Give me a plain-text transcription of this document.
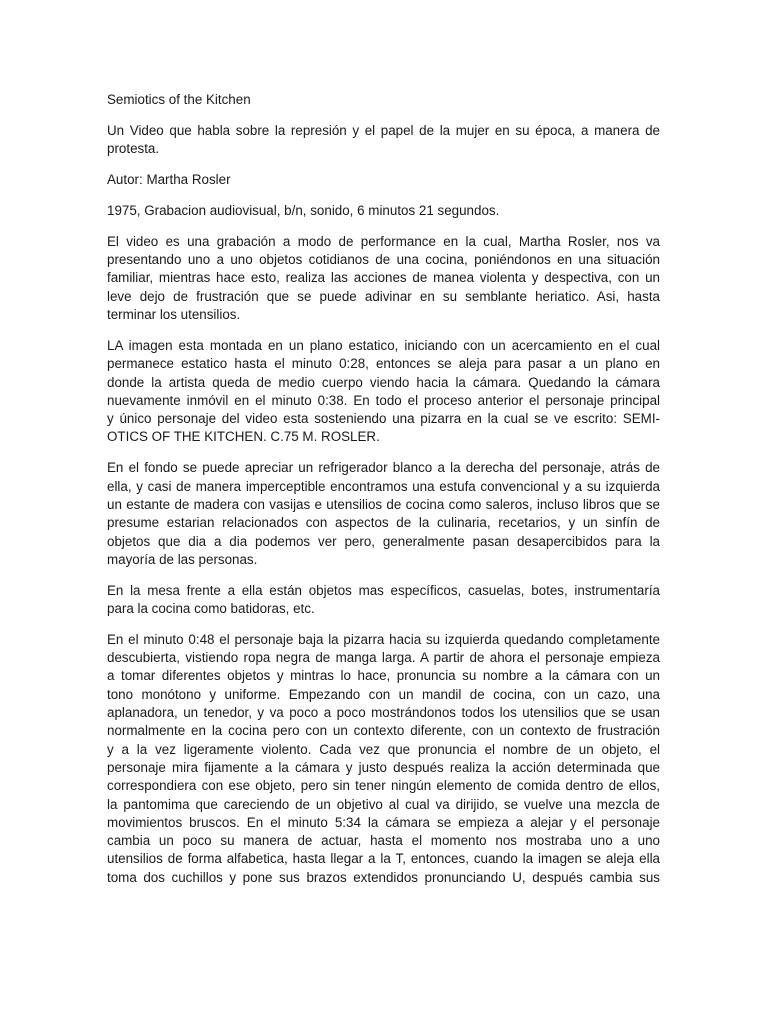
Semiotics of the Kitchen
Un Video que habla sobre la represión y el papel de la mujer en su época, a manera de
protesta.
Autor: Martha Rosler
1975, Grabacion audiovisual, b/n, sonido, 6 minutos 21 segundos.
El video es una grabación a modo de performance en la cual, Martha Rosler, nos va
presentando uno a uno objetos cotidianos de una cocina, poniéndonos en una situación
familiar, mientras hace esto, realiza las acciones de manea violenta y despectiva, con un
leve dejo de frustración que se puede adivinar en su semblante heriatico. Asi, hasta
terminar los utensilios.
LA imagen esta montada en un plano estatico, iniciando con un acercamiento en el cual
permanece estatico hasta el minuto 0:28, entonces se aleja para pasar a un plano en
donde la artista queda de medio cuerpo viendo hacia la cámara. Quedando la cámara
nuevamente inmóvil en el minuto 0:38. En todo el proceso anterior el personaje principal
y único personaje del video esta sosteniendo una pizarra en la cual se ve escrito: SEMI-
OTICS OF THE KITCHEN. C.75 M. ROSLER.
En el fondo se puede apreciar un refrigerador blanco a la derecha del personaje, atrás de
ella, y casi de manera imperceptible encontramos una estufa convencional y a su izquierda
un estante de madera con vasijas e utensilios de cocina como saleros, incluso libros que se
presume estarian relacionados con aspectos de la culinaria, recetarios, y un sinfín de
objetos que dia a dia podemos ver pero, generalmente pasan desapercibidos para la
mayoría de las personas.
En la mesa frente a ella están objetos mas específicos, casuelas, botes, instrumentaría
para la cocina como batidoras, etc.
En el minuto 0:48 el personaje baja la pizarra hacia su izquierda quedando completamente
descubierta, vistiendo ropa negra de manga larga. A partir de ahora el personaje empieza
a tomar diferentes objetos y mintras lo hace, pronuncia su nombre a la cámara con un
tono monótono y uniforme. Empezando con un mandil de cocina, con un cazo, una
aplanadora, un tenedor, y va poco a poco mostrándonos todos los utensilios que se usan
normalmente en la cocina pero con un contexto diferente, con un contexto de frustración
y a la vez ligeramente violento. Cada vez que pronuncia el nombre de un objeto, el
personaje mira fijamente a la cámara y justo después realiza la acción determinada que
correspondiera con ese objeto, pero sin tener ningún elemento de comida dentro de ellos,
la pantomima que careciendo de un objetivo al cual va dirijido, se vuelve una mezcla de
movimientos bruscos. En el minuto 5:34 la cámara se empieza a alejar y el personaje
cambia un poco su manera de actuar, hasta el momento nos mostraba uno a uno
utensilios de forma alfabetica, hasta llegar a la T, entonces, cuando la imagen se aleja ella
toma dos cuchillos y pone sus brazos extendidos pronunciando U, después cambia sus
